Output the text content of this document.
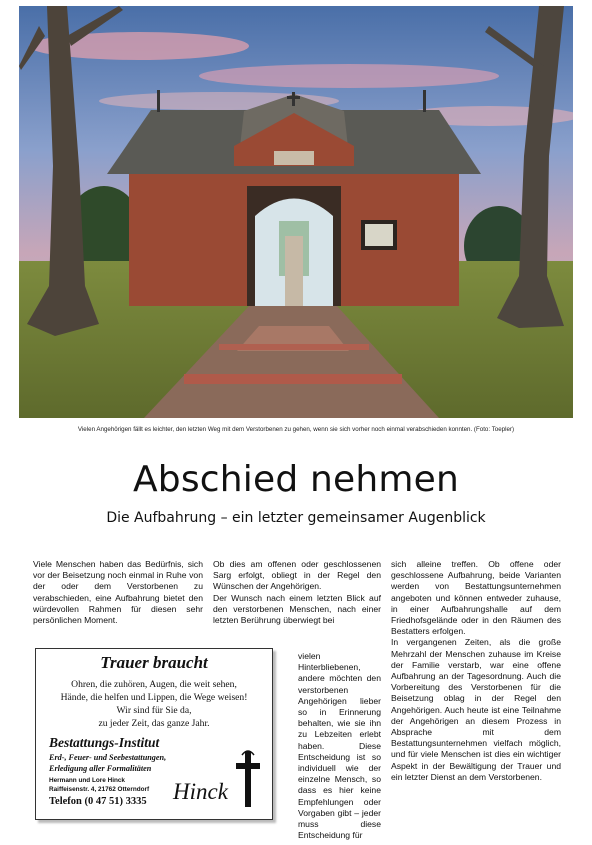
Vielen Angehörigen fällt es leichter, den letzten Weg mit dem Verstorbenen zu gehen, wenn sie sich vorher noch einmal verabschieden konnten. (Foto: Toepler)
Abschied nehmen
Die Aufbahrung – ein letzter gemeinsamer Augenblick

Viele Menschen haben das Bedürfnis, sich vor der Beisetzung noch einmal in Ruhe von der oder dem Verstorbenen zu verabschieden, eine Aufbahrung bietet den würdevollen Rahmen für diesen sehr persönlichen Moment.

Ob dies am offenen oder geschlossenen Sarg erfolgt, obliegt in der Regel den Wünschen der Angehörigen.

Der Wunsch nach einem letzten Blick auf den verstorbenen Menschen, nach einer letzten Berührung überwiegt bei

vielen Hinterbliebenen, andere möchten den verstorbenen Angehörigen lieber so in Erinnerung behalten, wie sie ihn zu Lebzeiten erlebt haben. Diese Entscheidung ist so individuell wie der einzelne Mensch, so dass es hier keine Empfehlungen oder Vorgaben gibt – jeder muss diese Entscheidung für

sich alleine treffen. Ob offene oder geschlossene Aufbahrung, beide Varianten werden von Bestattungsunternehmen angeboten und können entweder zuhause, in einer Aufbahrungshalle auf dem Friedhofsgelände oder in den Räumen des Bestatters erfolgen.

In vergangenen Zeiten, als die große Mehrzahl der Menschen zuhause im Kreise der Familie verstarb, war eine offene Aufbahrung an der Tagesordnung. Auch die Vorbereitung des Verstorbenen für die Beisetzung oblag in der Regel den Angehörigen. Auch heute ist eine Teilnahme der Angehörigen an diesem Prozess in Absprache mit dem Bestattungsunternehmen vielfach möglich, und für viele Menschen ist dies ein wichtiger Aspekt in der Bewältigung der Trauer und ein letzter Dienst an dem Verstorbenen.

Trauer braucht
Ohren, die zuhören, Augen, die weit sehen,
Hände, die helfen und Lippen, die Wege weisen!
Wir sind für Sie da,
zu jeder Zeit, das ganze Jahr.
Bestattungs-Institut
Erd-, Feuer- und Seebestattungen,
Erledigung aller Formalitäten
Hermann und Lore Hinck
Raiffeisenstr. 4, 21762 Otterndorf
Telefon (0 47 51) 3335 Hinck
